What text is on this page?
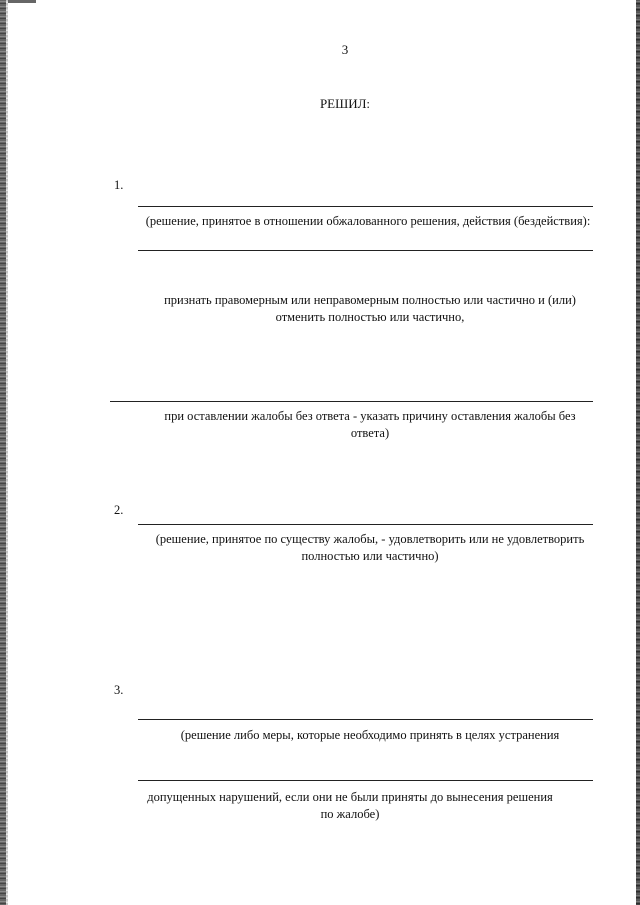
3
РЕШИЛ:
1.
(решение, принятое в отношении обжалованного решения, действия (бездействия):
признать правомерным или неправомерным полностью или частично и (или)
отменить полностью или частично,
при оставлении жалобы без ответа - указать причину оставления жалобы без
ответа)
2.
(решение, принятое по существу жалобы, - удовлетворить или не удовлетворить
полностью или частично)
3.
(решение либо меры, которые необходимо принять в целях устранения
допущенных нарушений, если они не были приняты до вынесения решения
по жалобе)
